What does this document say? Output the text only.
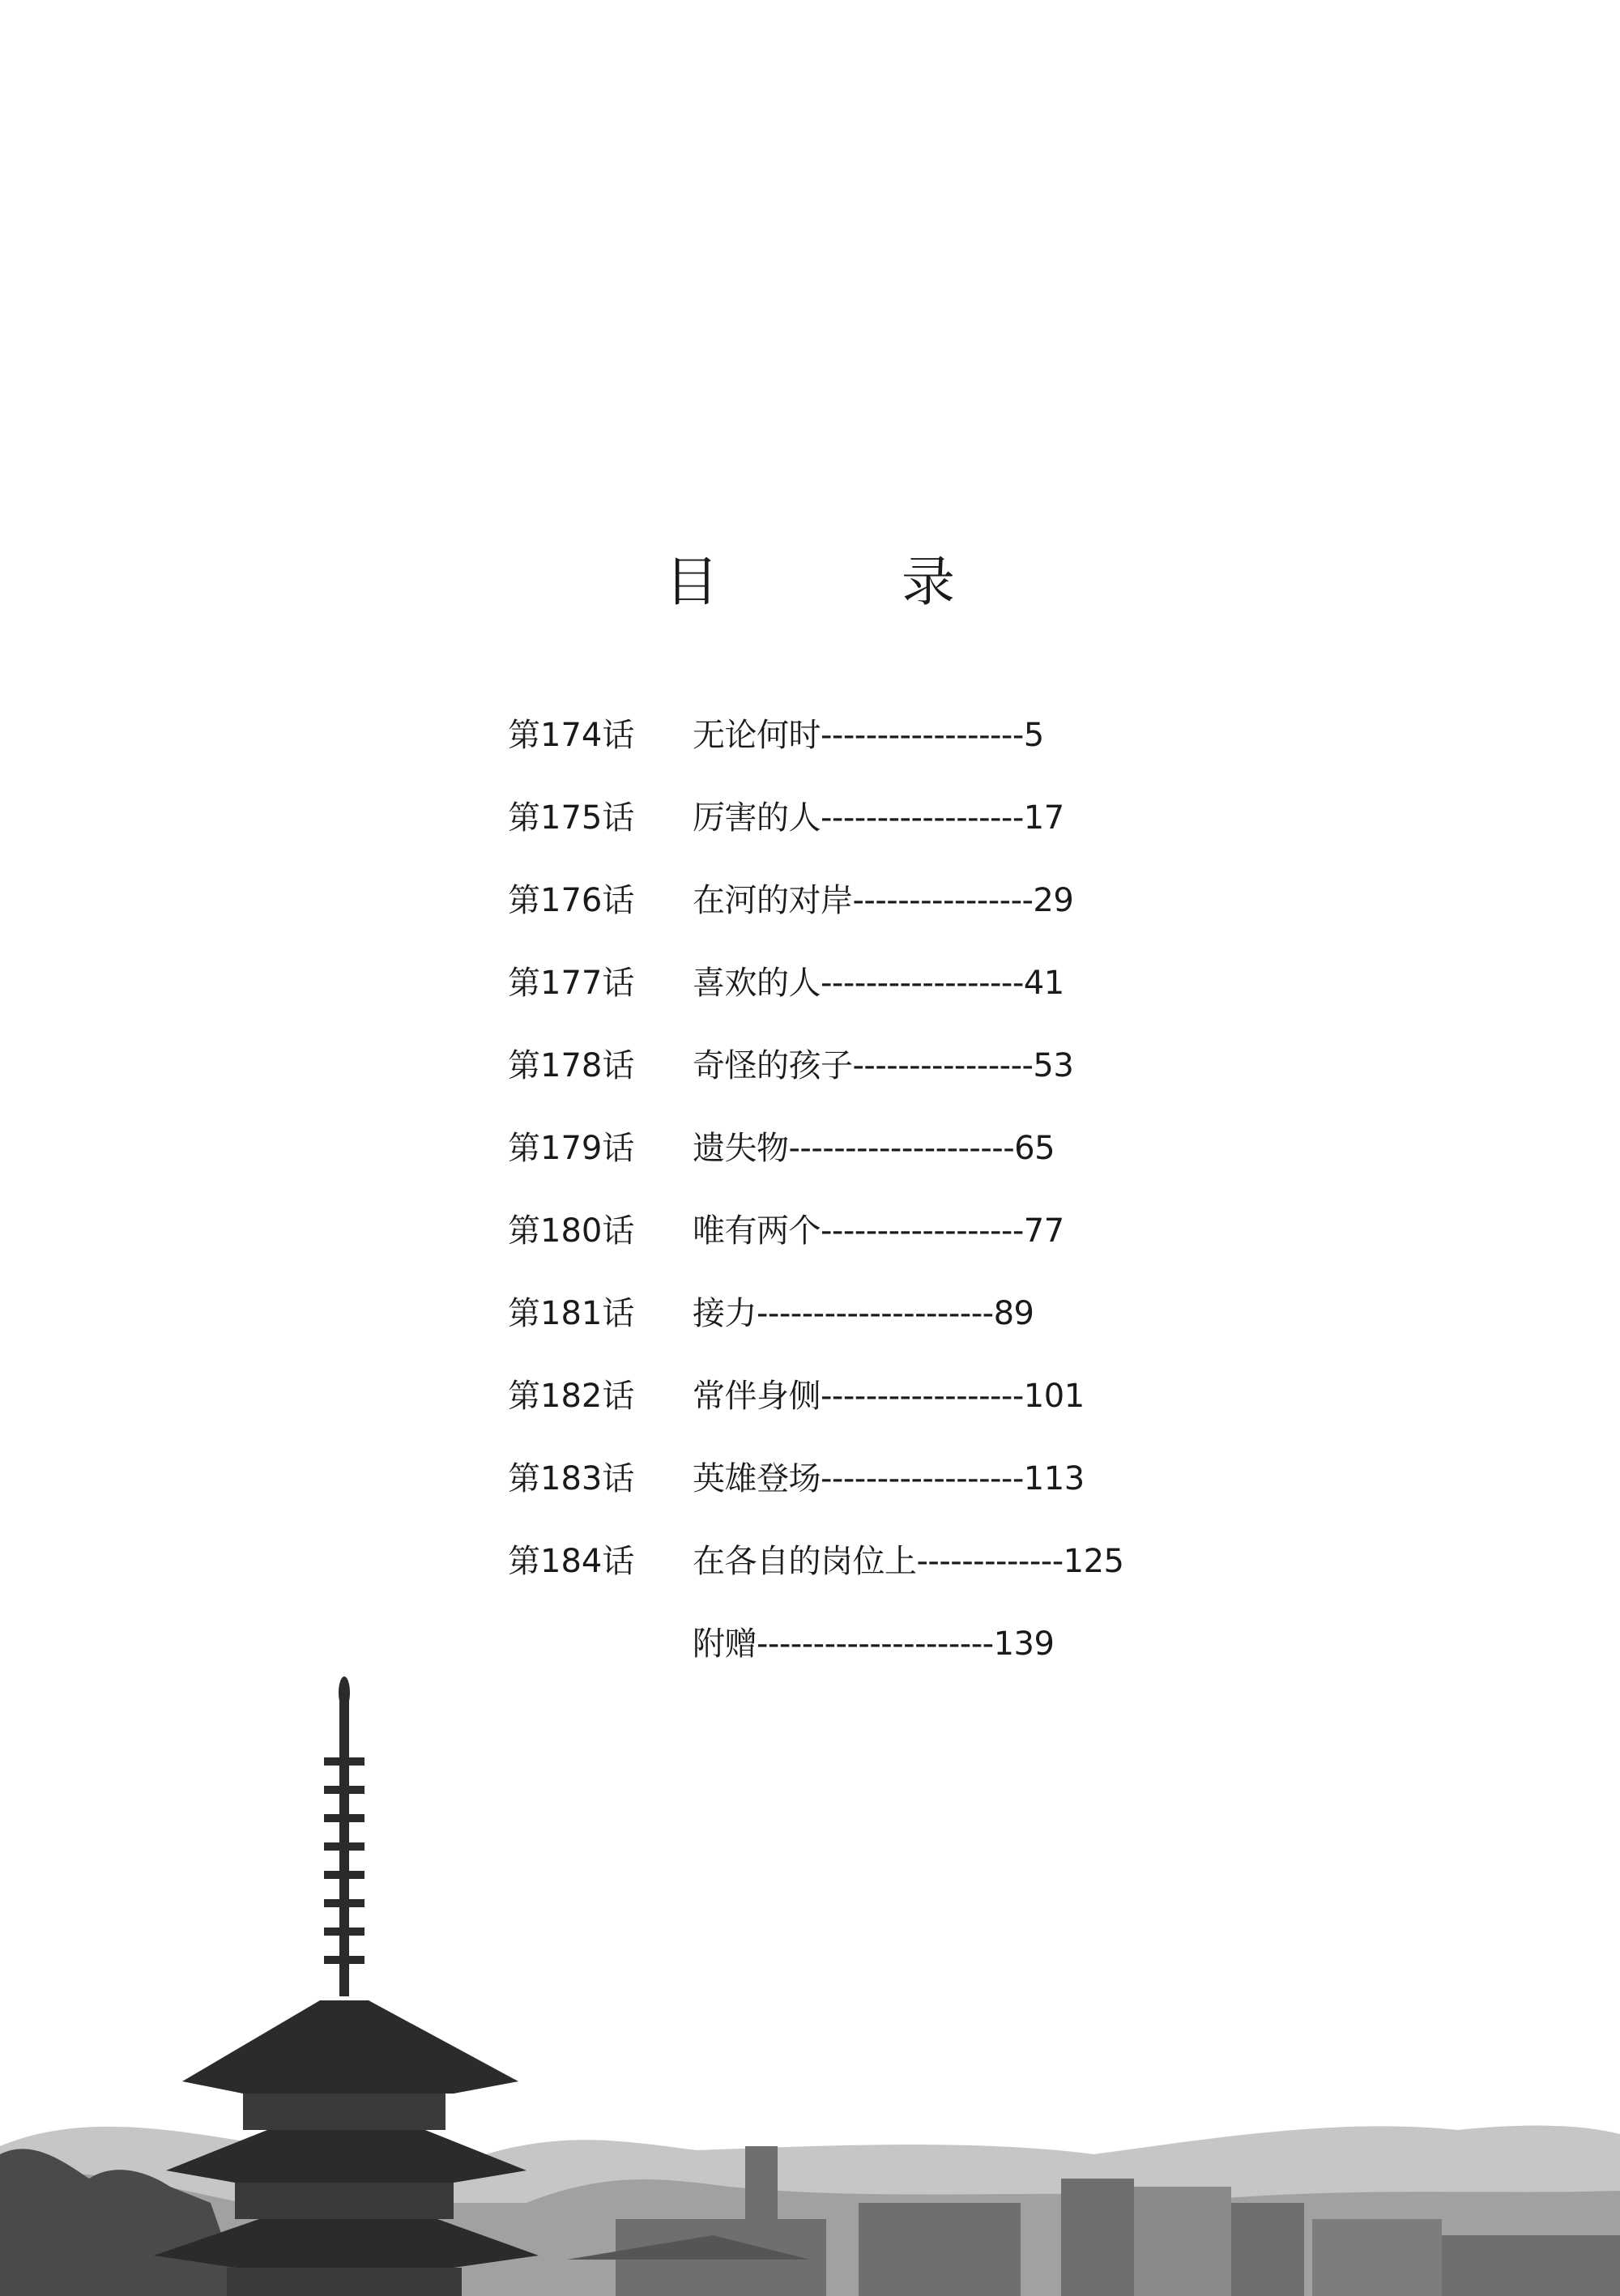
目　录
第174话 无论何时------------------5
第175话 厉害的人------------------17
第176话 在河的对岸----------------29
第177话 喜欢的人------------------41
第178话 奇怪的孩子----------------53
第179话 遗失物--------------------65
第180话 唯有两个------------------77
第181话 接力---------------------89
第182话 常伴身侧------------------101
第183话 英雄登场------------------113
第184话 在各自的岗位上-------------125
附赠---------------------139
